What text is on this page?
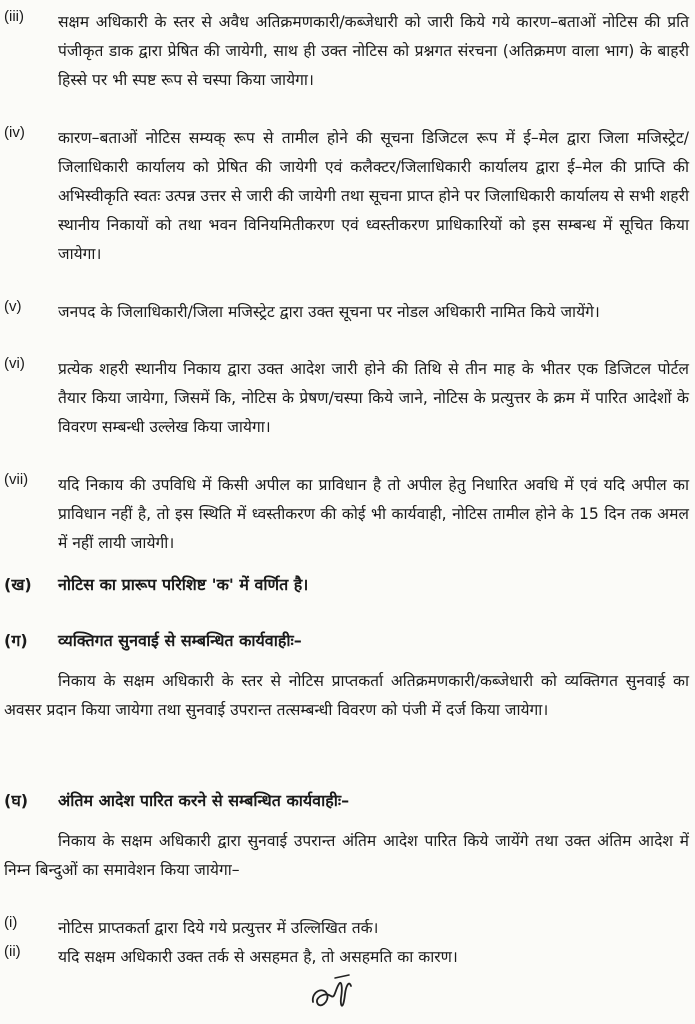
(iii) सक्षम अधिकारी के स्तर से अवैध अतिक्रमणकारी/कब्जेधारी को जारी किये गये कारण–बताओं नोटिस की प्रति पंजीकृत डाक द्वारा प्रेषित की जायेगी, साथ ही उक्त नोटिस को प्रश्नगत संरचना (अतिक्रमण वाला भाग) के बाहरी हिस्से पर भी स्पष्ट रूप से चस्पा किया जायेगा।
(iv) कारण–बताओं नोटिस सम्यक् रूप से तामील होने की सूचना डिजिटल रूप में ई–मेल द्वारा जिला मजिस्ट्रेट/जिलाधिकारी कार्यालय को प्रेषित की जायेगी एवं कलैक्टर/जिलाधिकारी कार्यालय द्वारा ई–मेल की प्राप्ति की अभिस्वीकृति स्वतः उत्पन्न उत्तर से जारी की जायेगी तथा सूचना प्राप्त होने पर जिलाधिकारी कार्यालय से सभी शहरी स्थानीय निकायों को तथा भवन विनियमितीकरण एवं ध्वस्तीकरण प्राधिकारियों को इस सम्बन्ध में सूचित किया जायेगा।
(v) जनपद के जिलाधिकारी/जिला मजिस्ट्रेट द्वारा उक्त सूचना पर नोडल अधिकारी नामित किये जायेंगे।
(vi) प्रत्येक शहरी स्थानीय निकाय द्वारा उक्त आदेश जारी होने की तिथि से तीन माह के भीतर एक डिजिटल पोर्टल तैयार किया जायेगा, जिसमें कि, नोटिस के प्रेषण/चस्पा किये जाने, नोटिस के प्रत्युत्तर के क्रम में पारित आदेशों के विवरण सम्बन्धी उल्लेख किया जायेगा।
(vii) यदि निकाय की उपविधि में किसी अपील का प्राविधान है तो अपील हेतु निधारित अवधि में एवं यदि अपील का प्राविधान नहीं है, तो इस स्थिति में ध्वस्तीकरण की कोई भी कार्यवाही, नोटिस तामील होने के 15 दिन तक अमल में नहीं लायी जायेगी।
(ख) नोटिस का प्रारूप परिशिष्ट 'क' में वर्णित है।
(ग) व्यक्तिगत सुनवाई से सम्बन्धित कार्यवाहीः–
निकाय के सक्षम अधिकारी के स्तर से नोटिस प्राप्तकर्ता अतिक्रमणकारी/कब्जेधारी को व्यक्तिगत सुनवाई का अवसर प्रदान किया जायेगा तथा सुनवाई उपरान्त तत्सम्बन्धी विवरण को पंजी में दर्ज किया जायेगा।
(घ) अंतिम आदेश पारित करने से सम्बन्धित कार्यवाहीः–
निकाय के सक्षम अधिकारी द्वारा सुनवाई उपरान्त अंतिम आदेश पारित किये जायेंगे तथा उक्त अंतिम आदेश में निम्न बिन्दुओं का समावेशन किया जायेगा–
(i)	नोटिस प्राप्तकर्ता द्वारा दिये गये प्रत्युत्तर में उल्लिखित तर्क।
(ii) यदि सक्षम अधिकारी उक्त तर्क से असहमत है, तो असहमति का कारण।
